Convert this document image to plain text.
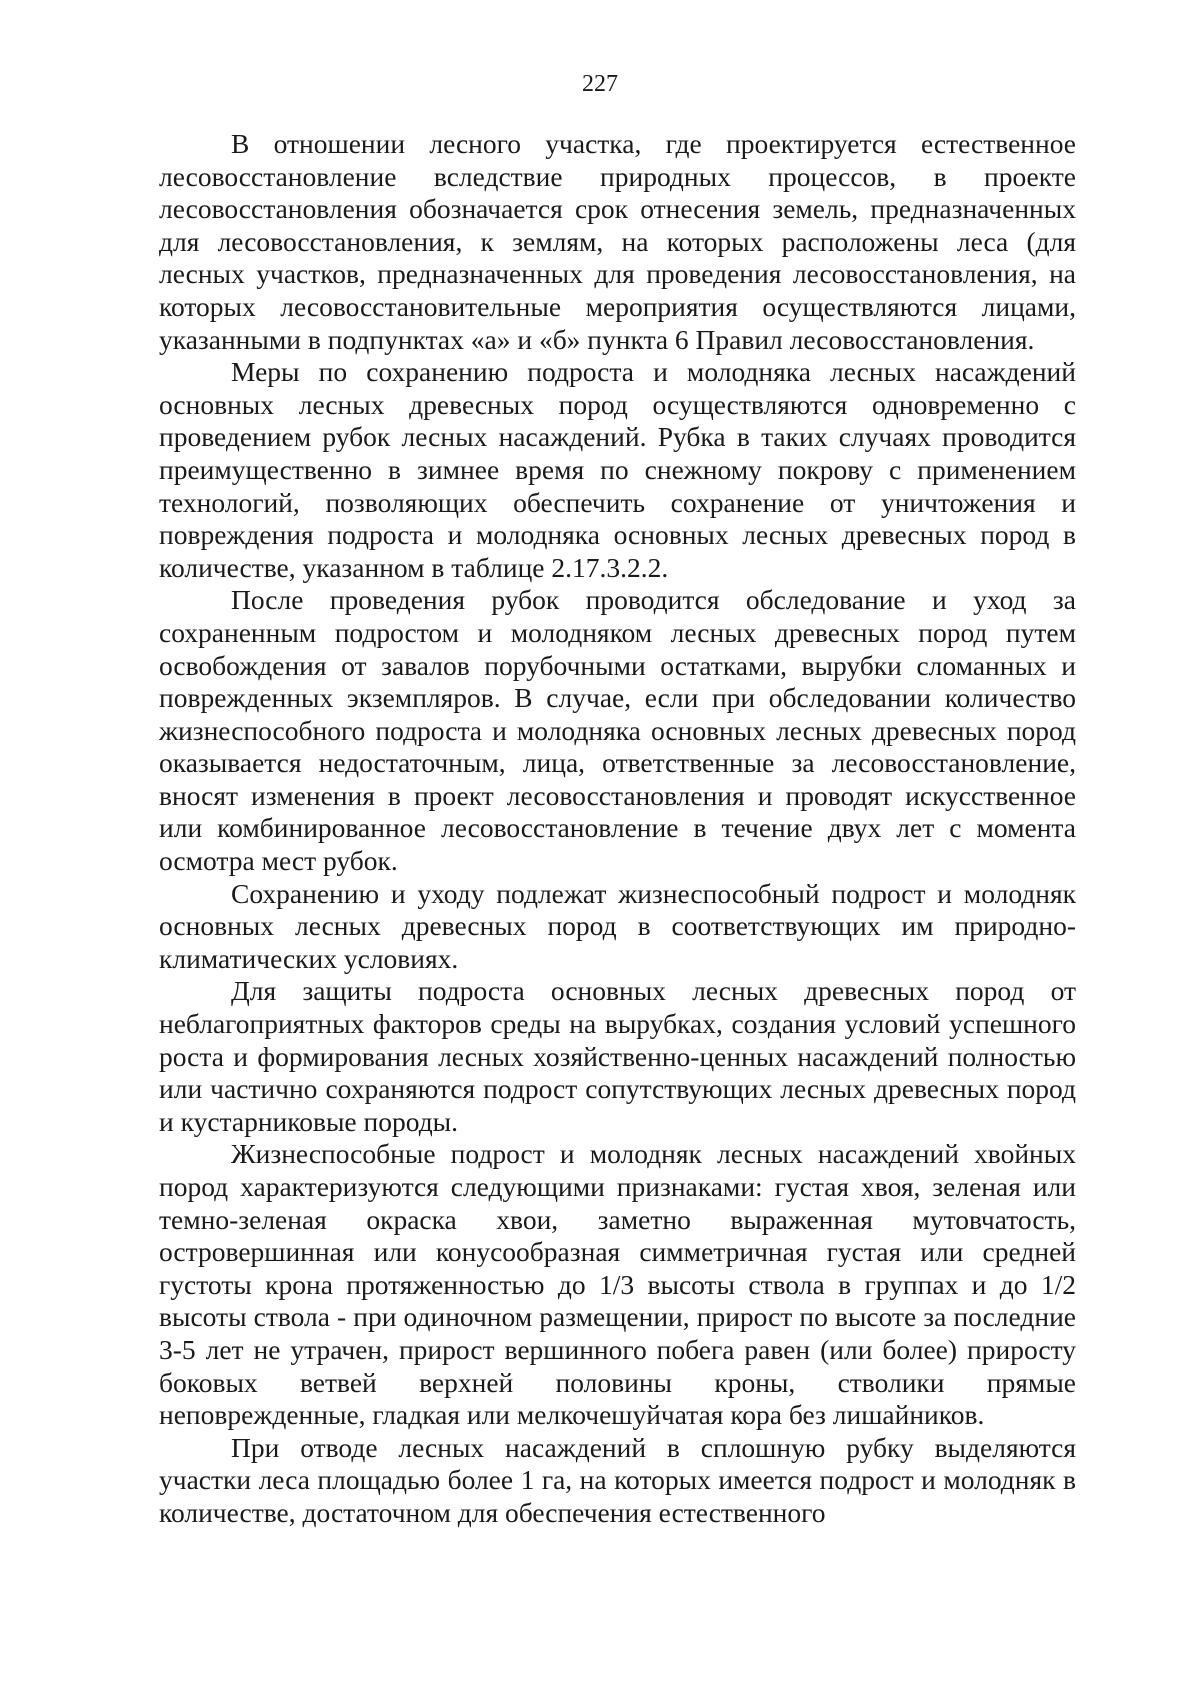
227

В отношении лесного участка, где проектируется естественное лесовосстановление вследствие природных процессов, в проекте лесовосстановления обозначается срок отнесения земель, предназначенных для лесовосстановления, к землям, на которых расположены леса (для лесных участков, предназначенных для проведения лесовосстановления, на которых лесовосстановительные мероприятия осуществляются лицами, указанными в подпунктах «а» и «б» пункта 6 Правил лесовосстановления.

Меры по сохранению подроста и молодняка лесных насаждений основных лесных древесных пород осуществляются одновременно с проведением рубок лесных насаждений. Рубка в таких случаях проводится преимущественно в зимнее время по снежному покрову с применением технологий, позволяющих обеспечить сохранение от уничтожения и повреждения подроста и молодняка основных лесных древесных пород в количестве, указанном в таблице 2.17.3.2.2.

После проведения рубок проводится обследование и уход за сохраненным подростом и молодняком лесных древесных пород путем освобождения от завалов порубочными остатками, вырубки сломанных и поврежденных экземпляров. В случае, если при обследовании количество жизнеспособного подроста и молодняка основных лесных древесных пород оказывается недостаточным, лица, ответственные за лесовосстановление, вносят изменения в проект лесовосстановления и проводят искусственное или комбинированное лесовосстановление в течение двух лет с момента осмотра мест рубок.

Сохранению и уходу подлежат жизнеспособный подрост и молодняк основных лесных древесных пород в соответствующих им природно-климатических условиях.

Для защиты подроста основных лесных древесных пород от неблагоприятных факторов среды на вырубках, создания условий успешного роста и формирования лесных хозяйственно-ценных насаждений полностью или частично сохраняются подрост сопутствующих лесных древесных пород и кустарниковые породы.

Жизнеспособные подрост и молодняк лесных насаждений хвойных пород характеризуются следующими признаками: густая хвоя, зеленая или темно-зеленая окраска хвои, заметно выраженная мутовчатость, островершинная или конусообразная симметричная густая или средней густоты крона протяженностью до 1/3 высоты ствола в группах и до 1/2 высоты ствола - при одиночном размещении, прирост по высоте за последние 3-5 лет не утрачен, прирост вершинного побега равен (или более) приросту боковых ветвей верхней половины кроны, стволики прямые неповрежденные, гладкая или мелкочешуйчатая кора без лишайников.

При отводе лесных насаждений в сплошную рубку выделяются участки леса площадью более 1 га, на которых имеется подрост и молодняк в количестве, достаточном для обеспечения естественного
